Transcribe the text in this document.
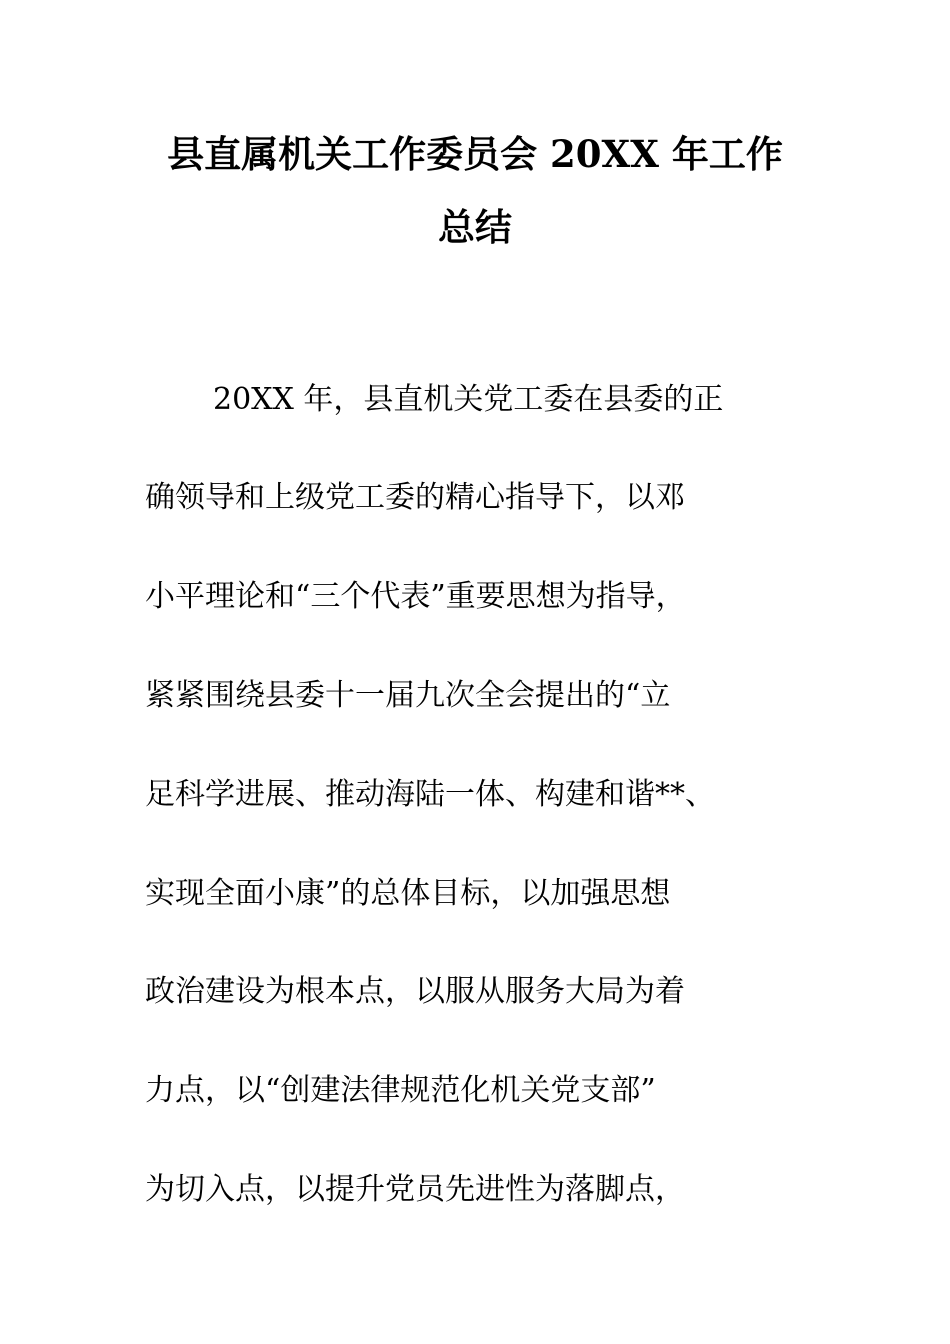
县直属机关工作委员会 20XX 年工作
总结
20XX 年，县直机关党工委在县委的正
确领导和上级党工委的精心指导下，以邓
小平理论和“三个代表”重要思想为指导，
紧紧围绕县委十一届九次全会提出的“立
足科学进展、推动海陆一体、构建和谐**、
实现全面小康”的总体目标，以加强思想
政治建设为根本点，以服从服务大局为着
力点，以“创建法律规范化机关党支部”
为切入点，以提升党员先进性为落脚点，
